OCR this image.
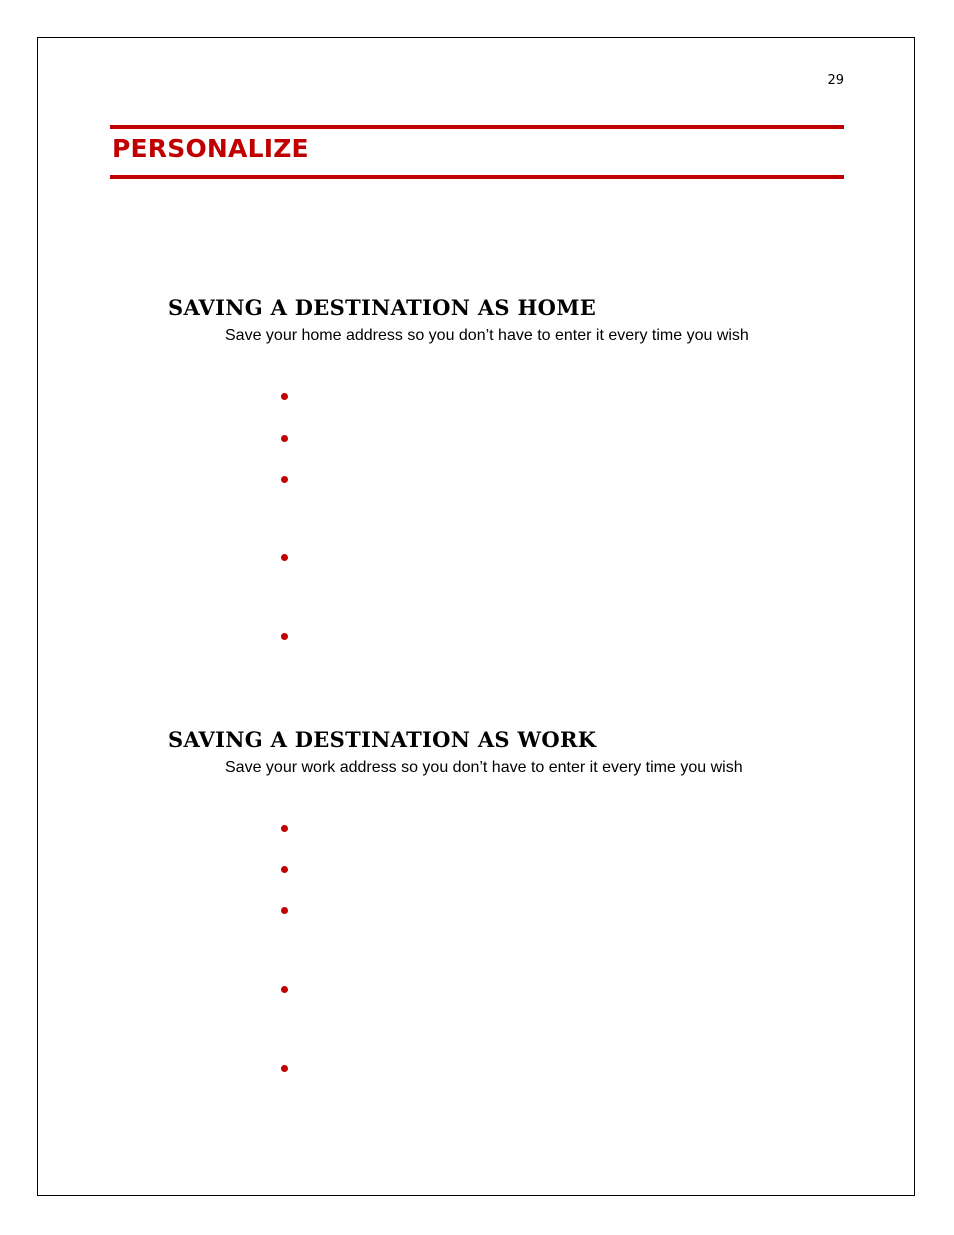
29
PERSONALIZE
SAVING A DESTINATION AS HOME
Save your home address so you don’t have to enter it every time you wish
SAVING A DESTINATION AS WORK
Save your work address so you don’t have to enter it every time you wish
